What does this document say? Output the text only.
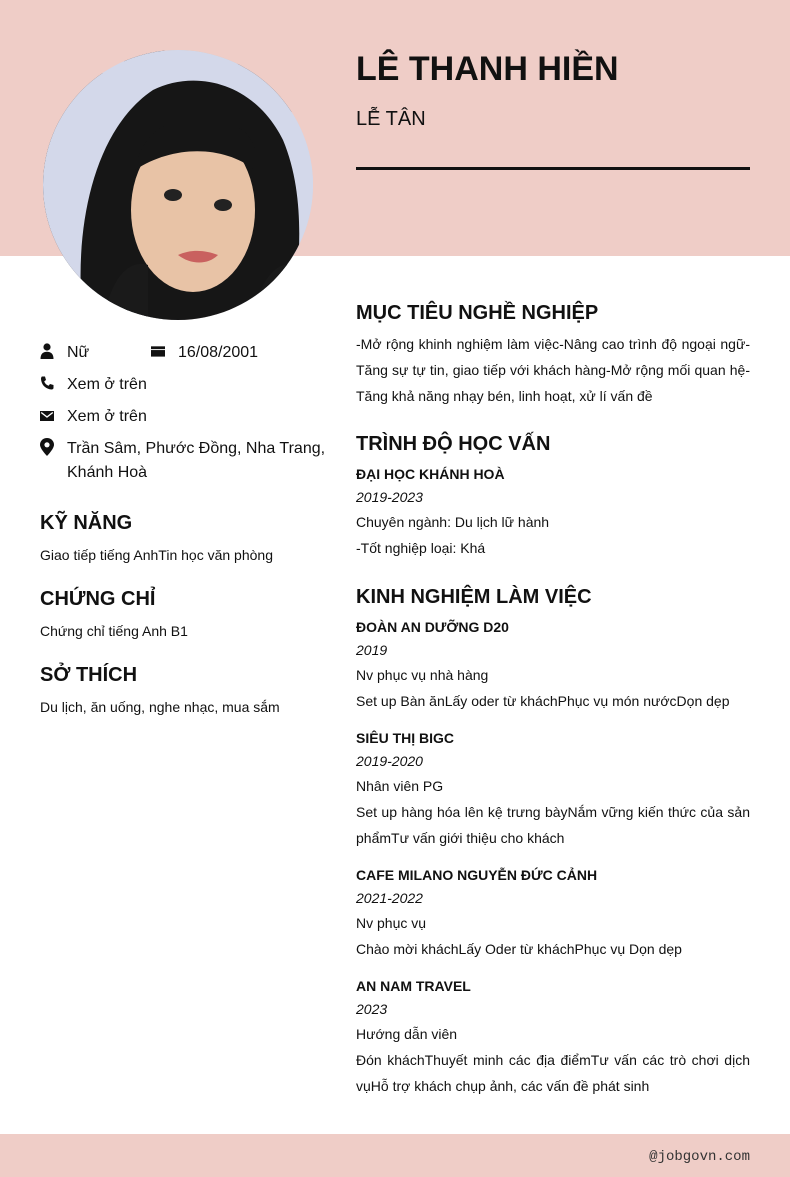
LÊ THANH HIỀN
LỄ TÂN
Nữ	16/08/2001
Xem ở trên
Xem ở trên
Trần Sâm, Phước Đồng, Nha Trang,
Khánh Hoà
KỸ NĂNG
Giao tiếp tiếng AnhTin học văn phòng
CHỨNG CHỈ
Chứng chỉ tiếng Anh B1
SỞ THÍCH
Du lịch, ăn uống, nghe nhạc, mua sắm
MỤC TIÊU NGHỀ NGHIỆP
-Mở rộng khinh nghiệm làm việc-Nâng cao trình độ ngoại ngữ-Tăng sự tự tin, giao tiếp với khách hàng-Mở rộng mối quan hệ-Tăng khả năng nhạy bén, linh hoạt, xử lí vấn đề
TRÌNH ĐỘ HỌC VẤN
ĐẠI HỌC KHÁNH HOÀ
2019-2023
Chuyên ngành: Du lịch lữ hành
-Tốt nghiệp loại: Khá
KINH NGHIỆM LÀM VIỆC
ĐOÀN AN DƯỠNG D20
2019
Nv phục vụ nhà hàng
Set up Bàn ănLấy oder từ kháchPhục vụ món nướcDọn dẹp
SIÊU THỊ BIGC
2019-2020
Nhân viên PG
Set up hàng hóa lên kệ trưng bàyNắm vững kiến thức của sản phẩmTư vấn giới thiệu cho khách
CAFE MILANO NGUYỄN ĐỨC CẢNH
2021-2022
Nv phục vụ
Chào mời kháchLấy Oder từ kháchPhục vụ Dọn dẹp
AN NAM TRAVEL
2023
Hướng dẫn viên
Đón kháchThuyết minh các địa điểmTư vấn các trò chơi dịch vụHỗ trợ khách chụp ảnh, các vấn đề phát sinh
@jobgovn.com
